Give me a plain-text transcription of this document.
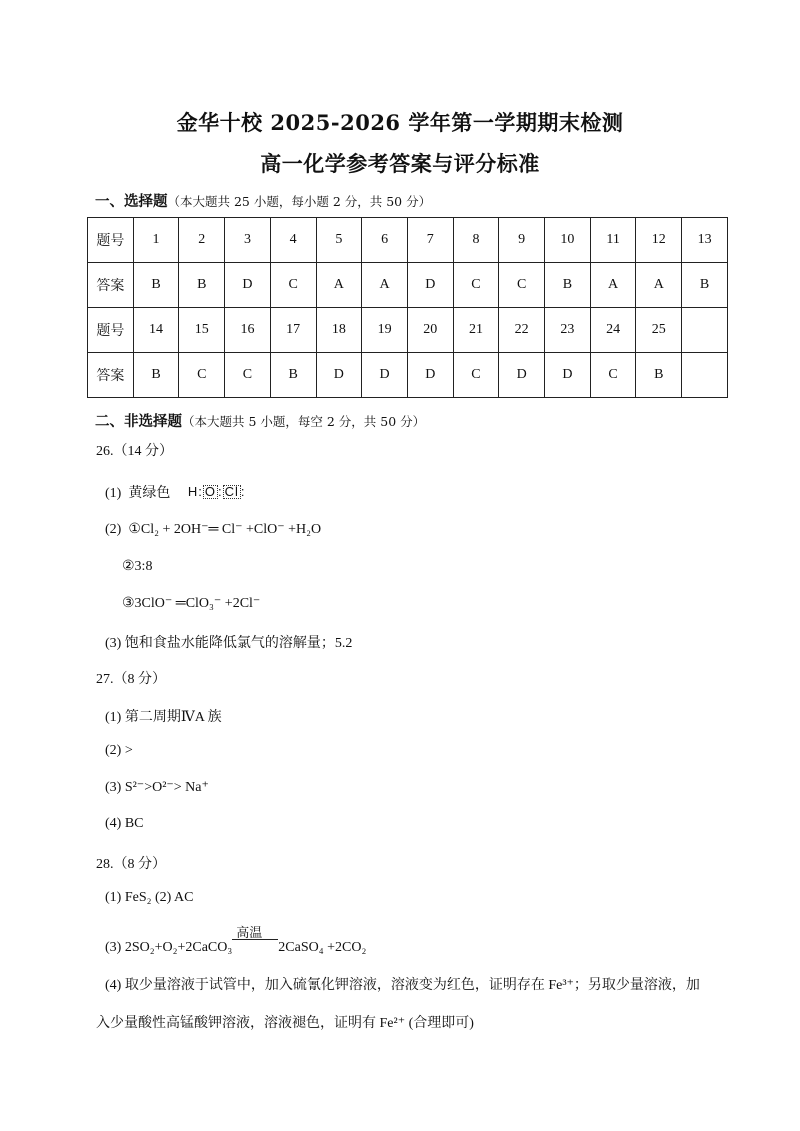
金华十校 2025-2026 学年第一学期期末检测
高一化学参考答案与评分标准
一、选择题（本大题共 25 小题，每小题 2 分，共 50 分）
题号	1	2	3	4	5	6	7	8	9	10	11	12	13
答案	B	B	D	C	A	A	D	C	C	B	A	A	B
题号	14	15	16	17	18	19	20	21	22	23	24	25	
答案	B	C	C	B	D	D	D	C	D	D	C	B	
二、非选择题（本大题共 5 小题，每空 2 分，共 50 分）
26.（14 分）
(1) 黄绿色 H: O : Cl :
(2) ①Cl₂ + 2OH⁻═ Cl⁻ +ClO⁻ +H₂O
②3:8
③3ClO⁻ ═ClO₃⁻ +2Cl⁻
(3) 饱和食盐水能降低氯气的溶解量；5.2
27.（8 分）
(1) 第二周期ⅣA 族
(2) >
(3) S²⁻>O²⁻> Na⁺
(4) BC
28.（8 分）
(1) FeS₂ (2) AC
(3) 2SO₂+O₂+2CaCO₃
高温
2CaSO₄ +2CO₂
(4) 取少量溶液于试管中，加入硫氰化钾溶液，溶液变为红色，证明存在 Fe³⁺；另取少量溶液，加
入少量酸性高锰酸钾溶液，溶液褪色，证明有 Fe²⁺ (合理即可)
